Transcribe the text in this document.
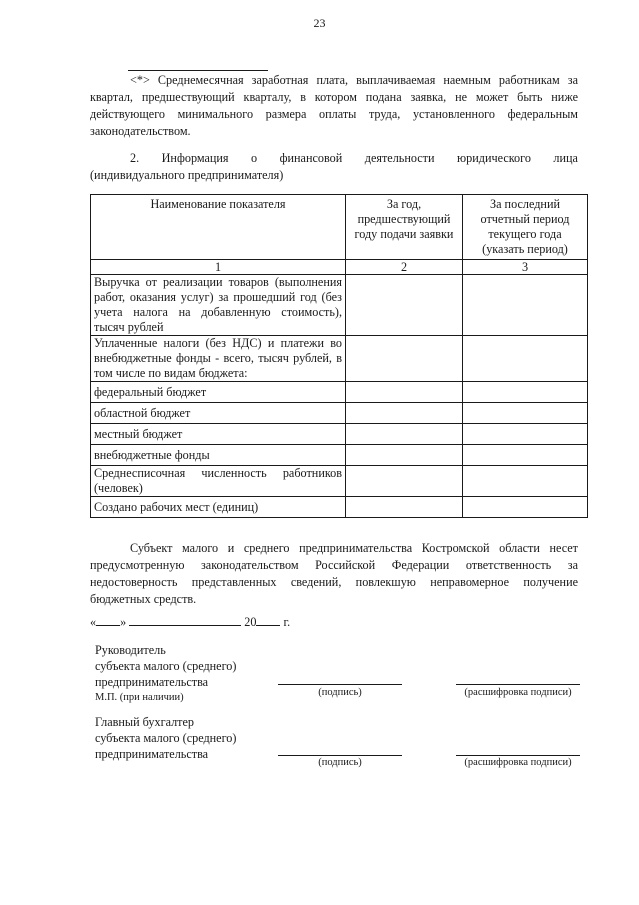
23
<*> Среднемесячная заработная плата, выплачиваемая наемным работникам за квартал, предшествующий кварталу, в котором подана заявка, не может быть ниже действующего минимального размера оплаты труда, установленного федеральным законодательством.
2. Информация о финансовой деятельности юридического лица
(индивидуального предпринимателя)
Наименование показателя	За год, предшествующий году подачи заявки	За последний отчетный период текущего года (указать период)
1	2	3
Выручка от реализации товаров (выполнения работ, оказания услуг) за прошедший год (без учета налога на добавленную стоимость), тысяч рублей		
Уплаченные налоги (без НДС) и платежи во внебюджетные фонды - всего, тысяч рублей, в том числе по видам бюджета:		
федеральный бюджет		
областной бюджет		
местный бюджет		
внебюджетные фонды		
Среднесписочная численность работников (человек)		
Создано рабочих мест (единиц)		
Субъект малого и среднего предпринимательства Костромской области несет предусмотренную законодательством Российской Федерации ответственность за недостоверность представленных сведений, повлекшую неправомерное получение бюджетных средств.
« »	20 г.
Руководитель
субъекта малого (среднего)
предпринимательства
М.П. (при наличии)	(подпись)	(расшифровка подписи)
Главный бухгалтер
субъекта малого (среднего)
предпринимательства
(подпись)	(расшифровка подписи)
